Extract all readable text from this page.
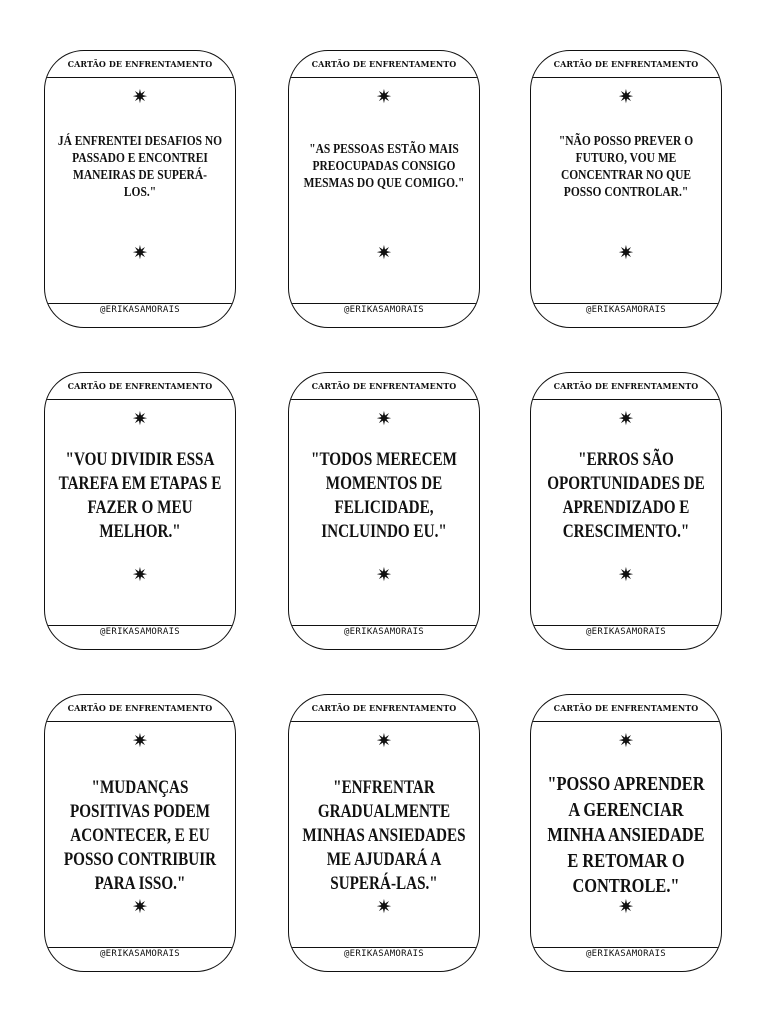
CARTÃO DE ENFRENTAMENTO
✷
JÁ ENFRENTEI DESAFIOS NO PASSADO E ENCONTREI MANEIRAS DE SUPERÁ-LOS."
✷
@ERIKASAMORAIS
CARTÃO DE ENFRENTAMENTO
✷
"AS PESSOAS ESTÃO MAIS PREOCUPADAS CONSIGO MESMAS DO QUE COMIGO."
✷
@ERIKASAMORAIS
CARTÃO DE ENFRENTAMENTO
✷
"NÃO POSSO PREVER O FUTURO, VOU ME CONCENTRAR NO QUE POSSO CONTROLAR."
✷
@ERIKASAMORAIS
CARTÃO DE ENFRENTAMENTO
✷
"VOU DIVIDIR ESSA TAREFA EM ETAPAS E FAZER O MEU MELHOR."
✷
@ERIKASAMORAIS
CARTÃO DE ENFRENTAMENTO
✷
"TODOS MERECEM MOMENTOS DE FELICIDADE, INCLUINDO EU."
✷
@ERIKASAMORAIS
CARTÃO DE ENFRENTAMENTO
✷
"ERROS SÃO OPORTUNIDADES DE APRENDIZADO E CRESCIMENTO."
✷
@ERIKASAMORAIS
CARTÃO DE ENFRENTAMENTO
✷
"MUDANÇAS POSITIVAS PODEM ACONTECER, E EU POSSO CONTRIBUIR PARA ISSO."
✷
@ERIKASAMORAIS
CARTÃO DE ENFRENTAMENTO
✷
"ENFRENTAR GRADUALMENTE MINHAS ANSIEDADES ME AJUDARÁ A SUPERÁ-LAS."
✷
@ERIKASAMORAIS
CARTÃO DE ENFRENTAMENTO
✷
"POSSO APRENDER A GERENCIAR MINHA ANSIEDADE E RETOMAR O CONTROLE."
✷
@ERIKASAMORAIS
